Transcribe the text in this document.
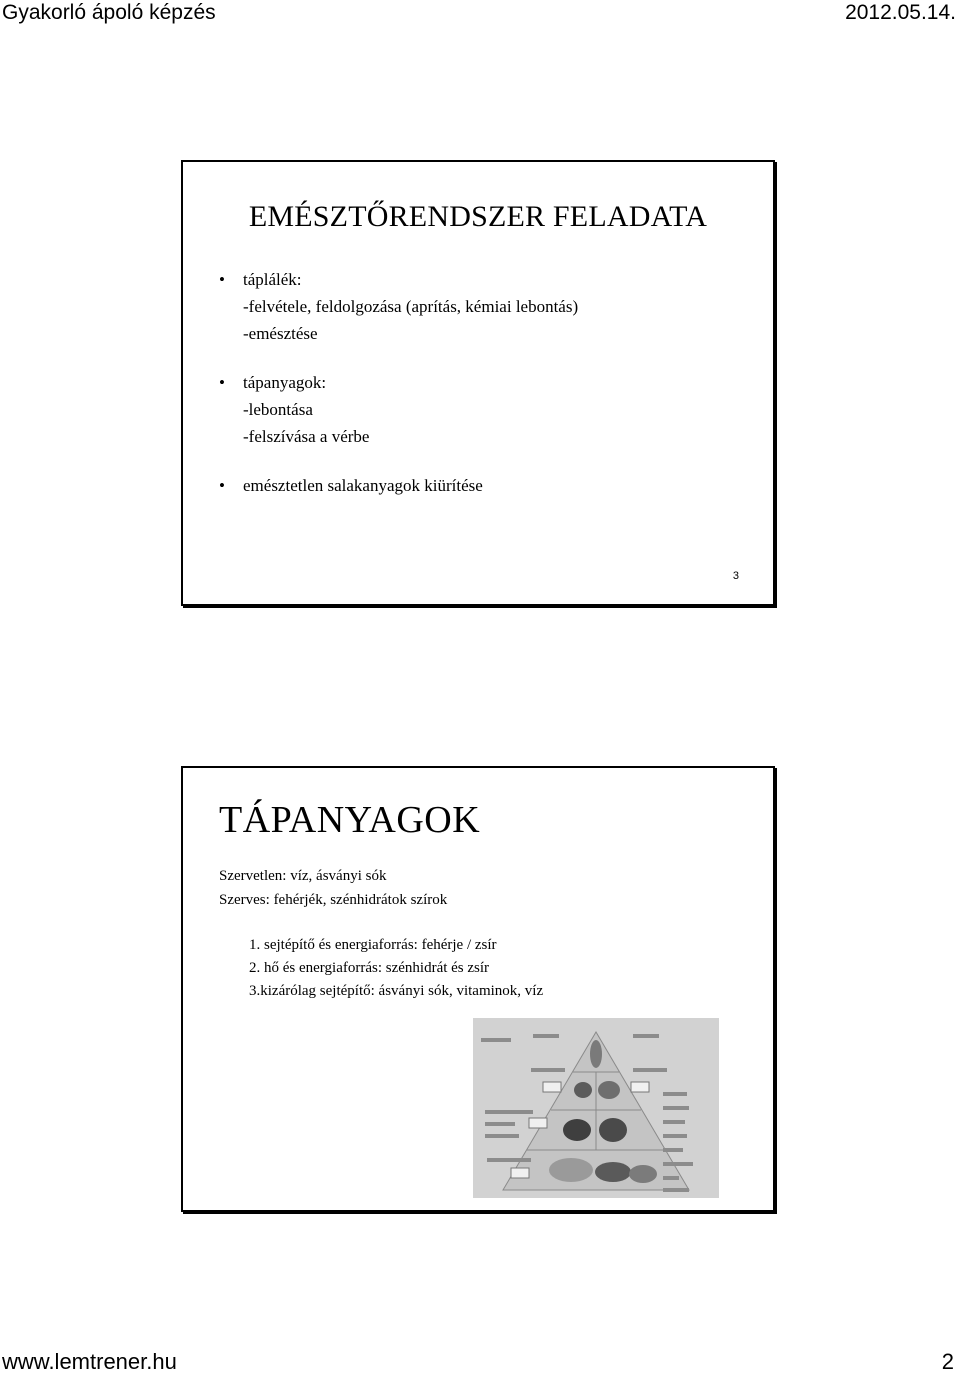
Gyakorló ápoló képzés	2012.05.14.
EMÉSZTŐRENDSZER FELADATA
• táplálék:
-felvétele, feldolgozása (aprítás, kémiai lebontás)
-emésztése
• tápanyagok:
-lebontása
-felszívása a vérbe
• emésztetlen salakanyagok kiürítése
3
TÁPANYAGOK
Szervetlen: víz, ásványi sók
Szerves: fehérjék, szénhidrátok szírok
1. sejtépítő és energiaforrás: fehérje / zsír
2. hő és energiaforrás: szénhidrát és zsír
3.kizárólag sejtépítő: ásványi sók, vitaminok, víz
www.lemtrener.hu	2
